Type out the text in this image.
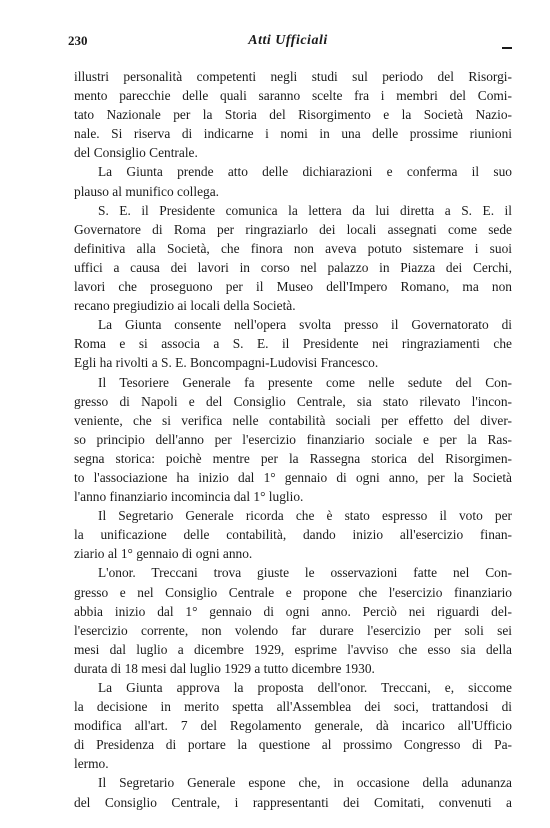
230	Atti Ufficiali
illustri personalità competenti negli studi sul periodo del Risorgi-
mento parecchie delle quali saranno scelte fra i membri del Comi-
tato Nazionale per la Storia del Risorgimento e la Società Nazio-
nale. Si riserva di indicarne i nomi in una delle prossime riunioni
del Consiglio Centrale.
La Giunta prende atto delle dichiarazioni e conferma il suo
plauso al munifico collega.
S. E. il Presidente comunica la lettera da lui diretta a S. E. il
Governatore di Roma per ringraziarlo dei locali assegnati come sede
definitiva alla Società, che finora non aveva potuto sistemare i suoi
uffici a causa dei lavori in corso nel palazzo in Piazza dei Cerchi,
lavori che proseguono per il Museo dell'Impero Romano, ma non
recano pregiudizio ai locali della Società.
La Giunta consente nell'opera svolta presso il Governatorato di
Roma e si associa a S. E. il Presidente nei ringraziamenti che
Egli ha rivolti a S. E. Boncompagni-Ludovisi Francesco.
Il Tesoriere Generale fa presente come nelle sedute del Con-
gresso di Napoli e del Consiglio Centrale, sia stato rilevato l'incon-
veniente, che si verifica nelle contabilità sociali per effetto del diver-
so principio dell'anno per l'esercizio finanziario sociale e per la Ras-
segna storica: poichè mentre per la Rassegna storica del Risorgimen-
to l'associazione ha inizio dal 1° gennaio di ogni anno, per la Società
l'anno finanziario incomincia dal 1° luglio.
Il Segretario Generale ricorda che è stato espresso il voto per
la unificazione delle contabilità, dando inizio all'esercizio finan-
ziario al 1° gennaio di ogni anno.
L'onor. Treccani trova giuste le osservazioni fatte nel Con-
gresso e nel Consiglio Centrale e propone che l'esercizio finanziario
abbia inizio dal 1° gennaio di ogni anno. Perciò nei riguardi del-
l'esercizio corrente, non volendo far durare l'esercizio per soli sei
mesi dal luglio a dicembre 1929, esprime l'avviso che esso sia della
durata di 18 mesi dal luglio 1929 a tutto dicembre 1930.
La Giunta approva la proposta dell'onor. Treccani, e, siccome
la decisione in merito spetta all'Assemblea dei soci, trattandosi di
modifica all'art. 7 del Regolamento generale, dà incarico all'Ufficio
di Presidenza di portare la questione al prossimo Congresso di Pa-
lermo.
Il Segretario Generale espone che, in occasione della adunanza
del Consiglio Centrale, i rappresentanti dei Comitati, convenuti a
